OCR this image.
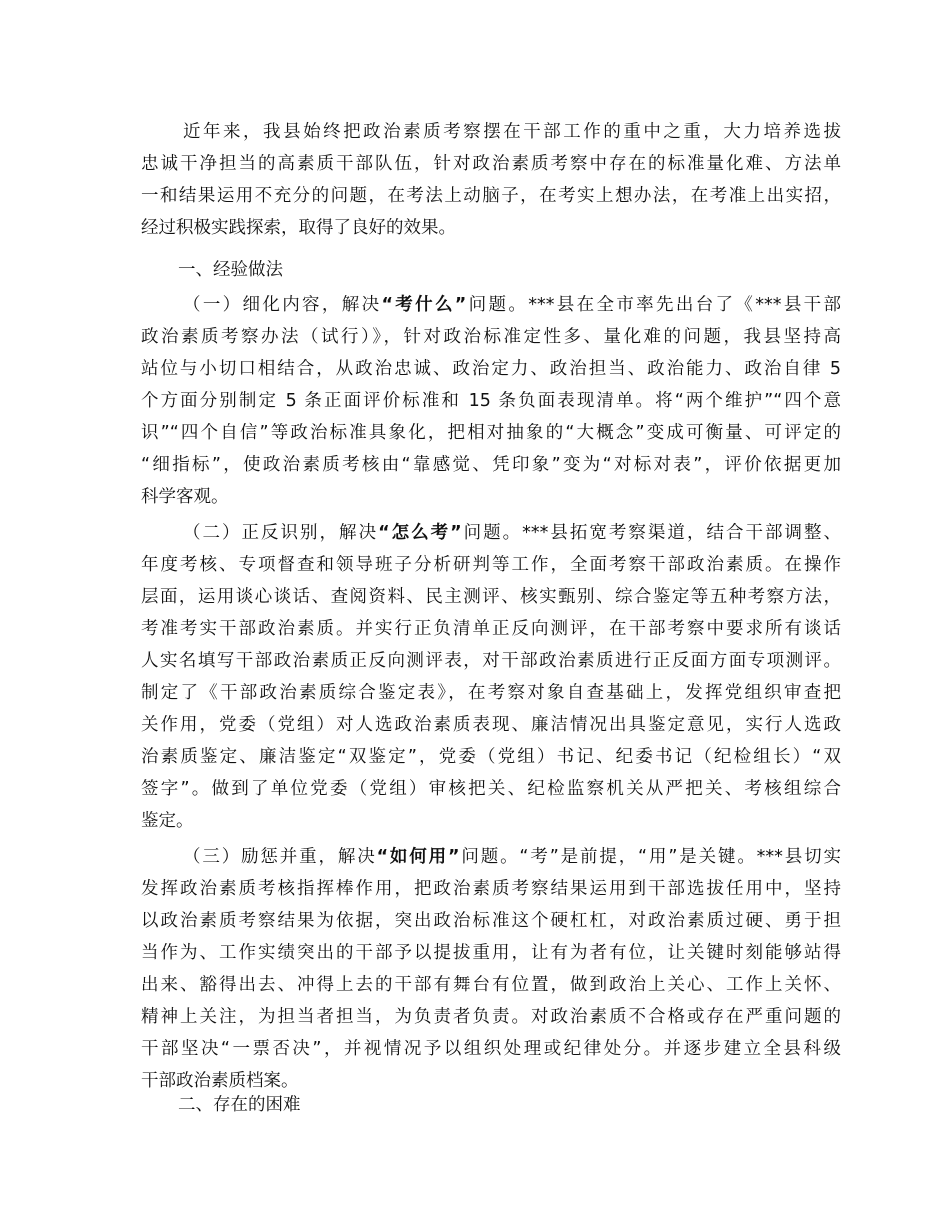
近年来，我县始终把政治素质考察摆在干部工作的重中之重，大力培养选拔

忠诚干净担当的高素质干部队伍，针对政治素质考察中存在的标准量化难、方法单

一和结果运用不充分的问题，在考法上动脑子，在考实上想办法，在考准上出实招，

经过积极实践探索，取得了良好的效果。

一、经验做法

（一）细化内容，解决“考什么”问题。***县在全市率先出台了《***县干部

政治素质考察办法（试行）》，针对政治标准定性多、量化难的问题，我县坚持高

站位与小切口相结合，从政治忠诚、政治定力、政治担当、政治能力、政治自律 5

个方面分别制定 5 条正面评价标准和 15 条负面表现清单。将“两个维护”“四个意

识”“四个自信”等政治标准具象化，把相对抽象的“大概念”变成可衡量、可评定的

“细指标”，使政治素质考核由“靠感觉、凭印象”变为“对标对表”，评价依据更加

科学客观。

（二）正反识别，解决“怎么考”问题。***县拓宽考察渠道，结合干部调整、

年度考核、专项督查和领导班子分析研判等工作，全面考察干部政治素质。在操作

层面，运用谈心谈话、查阅资料、民主测评、核实甄别、综合鉴定等五种考察方法，

考准考实干部政治素质。并实行正负清单正反向测评，在干部考察中要求所有谈话

人实名填写干部政治素质正反向测评表，对干部政治素质进行正反面方面专项测评。

制定了《干部政治素质综合鉴定表》，在考察对象自查基础上，发挥党组织审查把

关作用，党委（党组）对人选政治素质表现、廉洁情况出具鉴定意见，实行人选政

治素质鉴定、廉洁鉴定“双鉴定”，党委（党组）书记、纪委书记（纪检组长）“双

签字”。做到了单位党委（党组）审核把关、纪检监察机关从严把关、考核组综合

鉴定。

（三）励惩并重，解决“如何用”问题。“考”是前提，“用”是关键。***县切实

发挥政治素质考核指挥棒作用，把政治素质考察结果运用到干部选拔任用中，坚持

以政治素质考察结果为依据，突出政治标准这个硬杠杠，对政治素质过硬、勇于担

当作为、工作实绩突出的干部予以提拔重用，让有为者有位，让关键时刻能够站得

出来、豁得出去、冲得上去的干部有舞台有位置，做到政治上关心、工作上关怀、

精神上关注，为担当者担当，为负责者负责。对政治素质不合格或存在严重问题的

干部坚决“一票否决”，并视情况予以组织处理或纪律处分。并逐步建立全县科级

干部政治素质档案。

二、存在的困难
